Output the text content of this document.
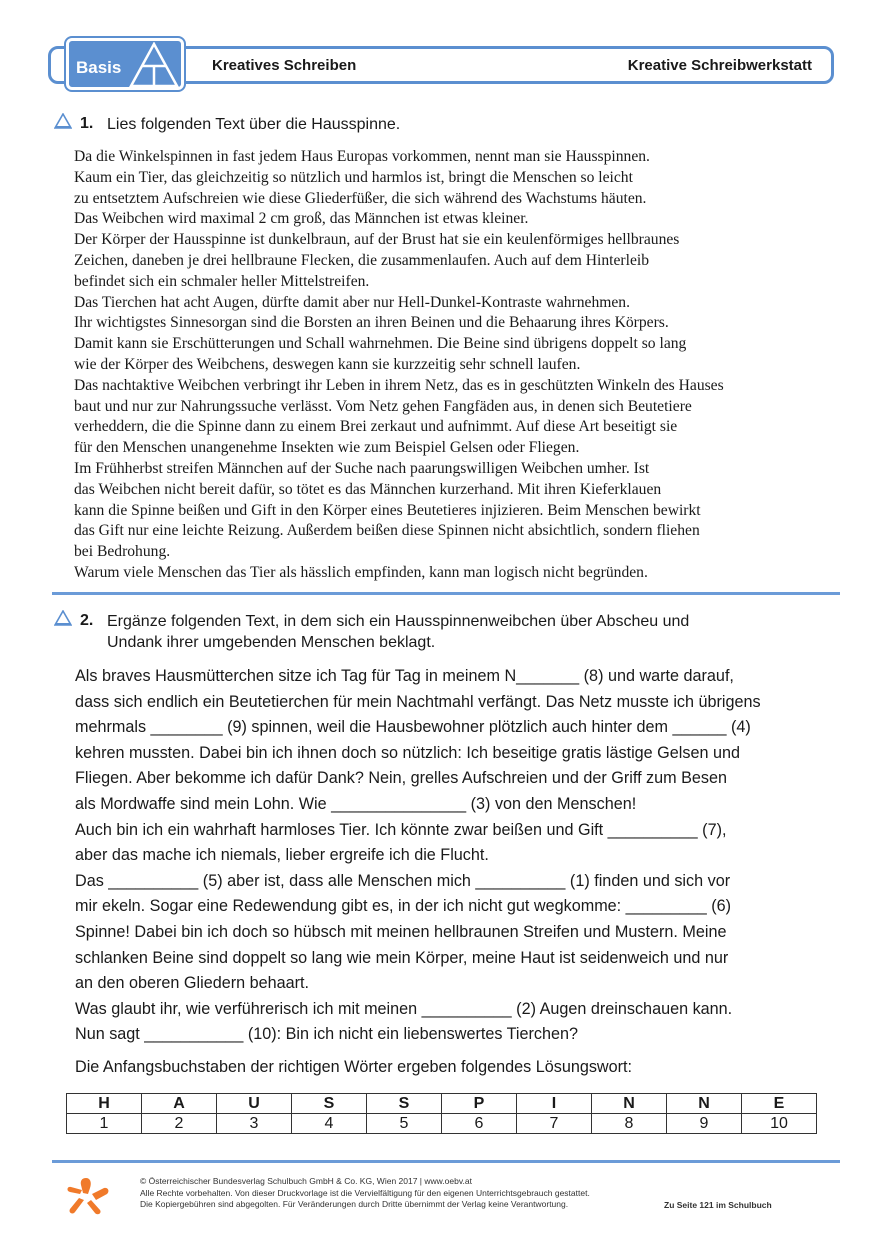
Basis	Kreatives Schreiben	Kreative Schreibwerkstatt
1. Lies folgenden Text über die Hausspinne.
Da die Winkelspinnen in fast jedem Haus Europas vorkommen, nennt man sie Hausspinnen.
Kaum ein Tier, das gleichzeitig so nützlich und harmlos ist, bringt die Menschen so leicht
zu entsetztem Aufschreien wie diese Gliederfüßer, die sich während des Wachstums häuten.
Das Weibchen wird maximal 2 cm groß, das Männchen ist etwas kleiner.
Der Körper der Hausspinne ist dunkelbraun, auf der Brust hat sie ein keulenförmiges hellbraunes
Zeichen, daneben je drei hellbraune Flecken, die zusammenlaufen. Auch auf dem Hinterleib
befindet sich ein schmaler heller Mittelstreifen.
Das Tierchen hat acht Augen, dürfte damit aber nur Hell-Dunkel-Kontraste wahrnehmen.
Ihr wichtigstes Sinnesorgan sind die Borsten an ihren Beinen und die Behaarung ihres Körpers.
Damit kann sie Erschütterungen und Schall wahrnehmen. Die Beine sind übrigens doppelt so lang
wie der Körper des Weibchens, deswegen kann sie kurzzeitig sehr schnell laufen.
Das nachtaktive Weibchen verbringt ihr Leben in ihrem Netz, das es in geschützten Winkeln des Hauses
baut und nur zur Nahrungssuche verlässt. Vom Netz gehen Fangfäden aus, in denen sich Beutetiere
verheddern, die die Spinne dann zu einem Brei zerkaut und aufnimmt. Auf diese Art beseitigt sie
für den Menschen unangenehme Insekten wie zum Beispiel Gelsen oder Fliegen.
Im Frühherbst streifen Männchen auf der Suche nach paarungswilligen Weibchen umher. Ist
das Weibchen nicht bereit dafür, so tötet es das Männchen kurzerhand. Mit ihren Kieferklauen
kann die Spinne beißen und Gift in den Körper eines Beutetieres injizieren. Beim Menschen bewirkt
das Gift nur eine leichte Reizung. Außerdem beißen diese Spinnen nicht absichtlich, sondern fliehen
bei Bedrohung.
Warum viele Menschen das Tier als hässlich empfinden, kann man logisch nicht begründen.
2. Ergänze folgenden Text, in dem sich ein Hausspinnenweibchen über Abscheu und
Undank ihrer umgebenden Menschen beklagt.
Als braves Hausmütterchen sitze ich Tag für Tag in meinem N_______ (8) und warte darauf,
dass sich endlich ein Beutetierchen für mein Nachtmahl verfängt. Das Netz musste ich übrigens
mehrmals ________ (9) spinnen, weil die Hausbewohner plötzlich auch hinter dem ______ (4)
kehren mussten. Dabei bin ich ihnen doch so nützlich: Ich beseitige gratis lästige Gelsen und
Fliegen. Aber bekomme ich dafür Dank? Nein, grelles Aufschreien und der Griff zum Besen
als Mordwaffe sind mein Lohn. Wie _______________ (3) von den Menschen!
Auch bin ich ein wahrhaft harmloses Tier. Ich könnte zwar beißen und Gift __________ (7),
aber das mache ich niemals, lieber ergreife ich die Flucht.
Das __________ (5) aber ist, dass alle Menschen mich __________ (1) finden und sich vor
mir ekeln. Sogar eine Redewendung gibt es, in der ich nicht gut wegkomme: _________ (6)
Spinne! Dabei bin ich doch so hübsch mit meinen hellbraunen Streifen und Mustern. Meine
schlanken Beine sind doppelt so lang wie mein Körper, meine Haut ist seidenweich und nur
an den oberen Gliedern behaart.
Was glaubt ihr, wie verführerisch ich mit meinen __________ (2) Augen dreinschauen kann.
Nun sagt ___________ (10): Bin ich nicht ein liebenswertes Tierchen?
Die Anfangsbuchstaben der richtigen Wörter ergeben folgendes Lösungswort:
H	A	U	S	S	P	I	N	N	E
1	2	3	4	5	6	7	8	9	10
© Österreichischer Bundesverlag Schulbuch GmbH & Co. KG, Wien 2017 | www.oebv.at
Alle Rechte vorbehalten. Von dieser Druckvorlage ist die Vervielfältigung für den eigenen Unterrichtsgebrauch gestattet.
Die Kopiergebühren sind abgegolten. Für Veränderungen durch Dritte übernimmt der Verlag keine Verantwortung.	Zu Seite 121 im Schulbuch
